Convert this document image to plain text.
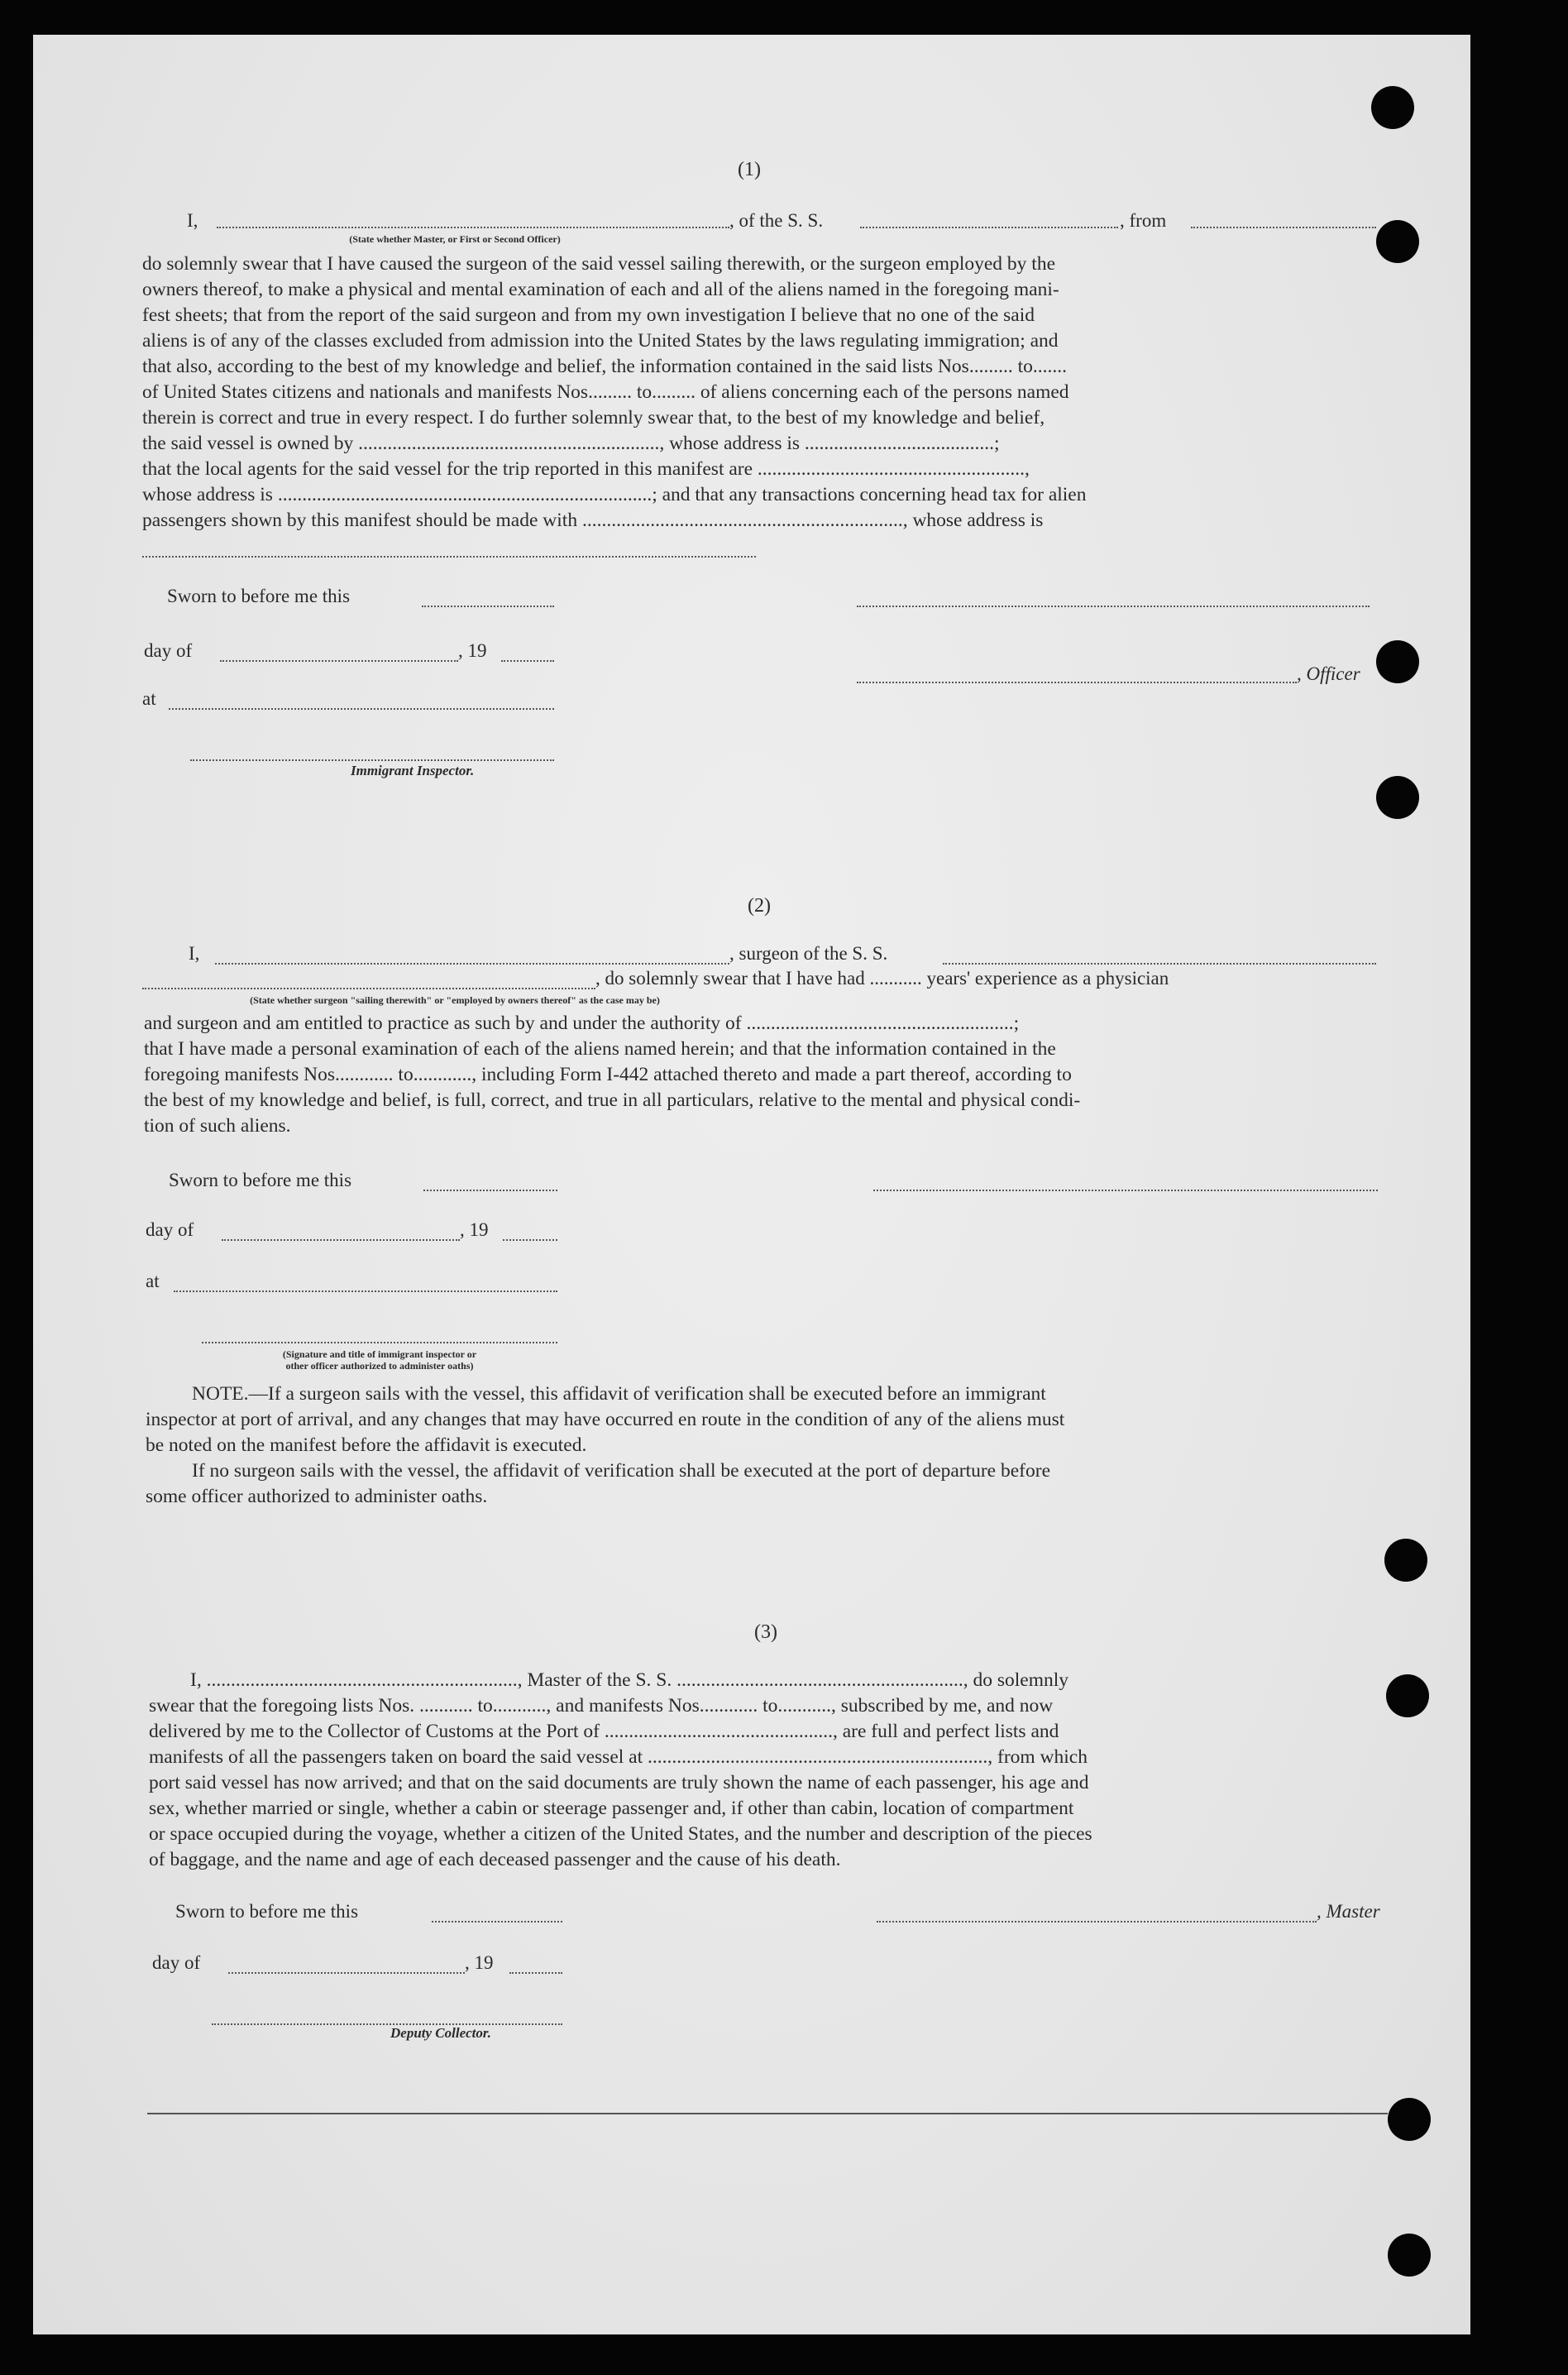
(1)
I,	, of the S. S.	, from
(State whether Master, or First or Second Officer)
do solemnly swear that I have caused the surgeon of the said vessel sailing therewith, or the surgeon employed by the
owners thereof, to make a physical and mental examination of each and all of the aliens named in the foregoing mani-
fest sheets; that from the report of the said surgeon and from my own investigation I believe that no one of the said
aliens is of any of the classes excluded from admission into the United States by the laws regulating immigration; and
that also, according to the best of my knowledge and belief, the information contained in the said lists Nos......... to.......
of United States citizens and nationals and manifests Nos......... to......... of aliens concerning each of the persons named
therein is correct and true in every respect. I do further solemnly swear that, to the best of my knowledge and belief,
the said vessel is owned by .............................................................., whose address is .......................................;
that the local agents for the said vessel for the trip reported in this manifest are .......................................................,
whose address is .............................................................................; and that any transactions concerning head tax for alien
passengers shown by this manifest should be made with .................................................................., whose address is
Sworn to before me this
day of	, 19
, Officer
at
Immigrant Inspector.
(2)
I,	, surgeon of the S. S.
, do solemnly swear that I have had ........... years' experience as a physician
(State whether surgeon "sailing therewith" or "employed by owners thereof" as the case may be)
and surgeon and am entitled to practice as such by and under the authority of .......................................................;
that I have made a personal examination of each of the aliens named herein; and that the information contained in the
foregoing manifests Nos............ to............, including Form I-442 attached thereto and made a part thereof, according to
the best of my knowledge and belief, is full, correct, and true in all particulars, relative to the mental and physical condi-
tion of such aliens.
Sworn to before me this
day of	, 19
at
(Signature and title of immigrant inspector or
other officer authorized to administer oaths)
NOTE.—If a surgeon sails with the vessel, this affidavit of verification shall be executed before an immigrant
inspector at port of arrival, and any changes that may have occurred en route in the condition of any of the aliens must
be noted on the manifest before the affidavit is executed.
If no surgeon sails with the vessel, the affidavit of verification shall be executed at the port of departure before
some officer authorized to administer oaths.
(3)
I, ................................................................, Master of the S. S. ..........................................................., do solemnly
swear that the foregoing lists Nos. ........... to..........., and manifests Nos............ to..........., subscribed by me, and now
delivered by me to the Collector of Customs at the Port of ..............................................., are full and perfect lists and
manifests of all the passengers taken on board the said vessel at ......................................................................, from which
port said vessel has now arrived; and that on the said documents are truly shown the name of each passenger, his age and
sex, whether married or single, whether a cabin or steerage passenger and, if other than cabin, location of compartment
or space occupied during the voyage, whether a citizen of the United States, and the number and description of the pieces
of baggage, and the name and age of each deceased passenger and the cause of his death.
Sworn to before me this	, Master
day of	, 19
Deputy Collector.
